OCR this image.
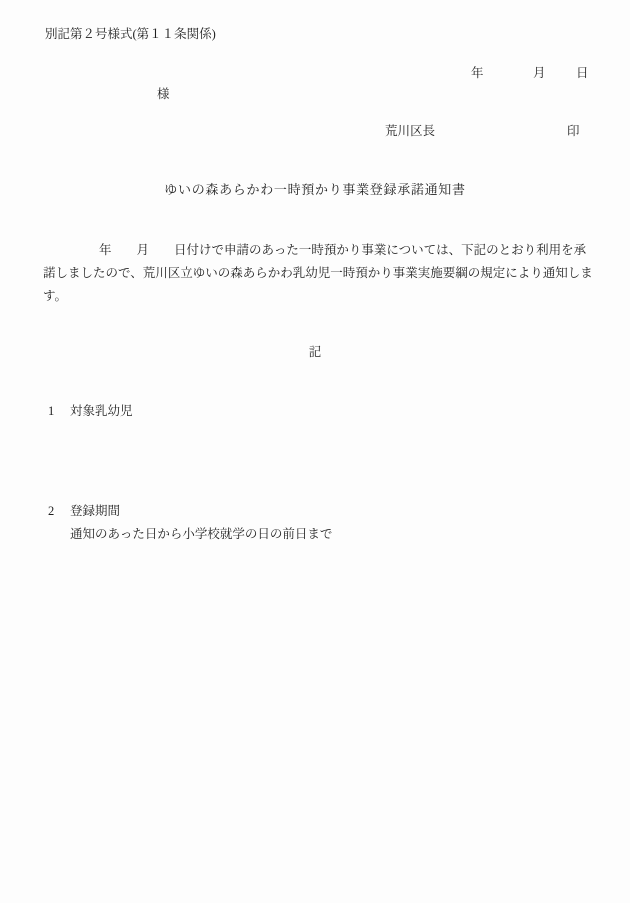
別記第２号様式(第１１条関係)
年	月 日
様
荒川区長	印
ゆいの森あらかわ一時預かり事業登録承諾通知書
年　　月　　日付けで申請のあった一時預かり事業については、下記のとおり利用を承
諾しましたので、荒川区立ゆいの森あらかわ乳幼児一時預かり事業実施要綱の規定により通知しま
す。
記
1 対象乳幼児
2 登録期間
通知のあった日から小学校就学の日の前日まで
